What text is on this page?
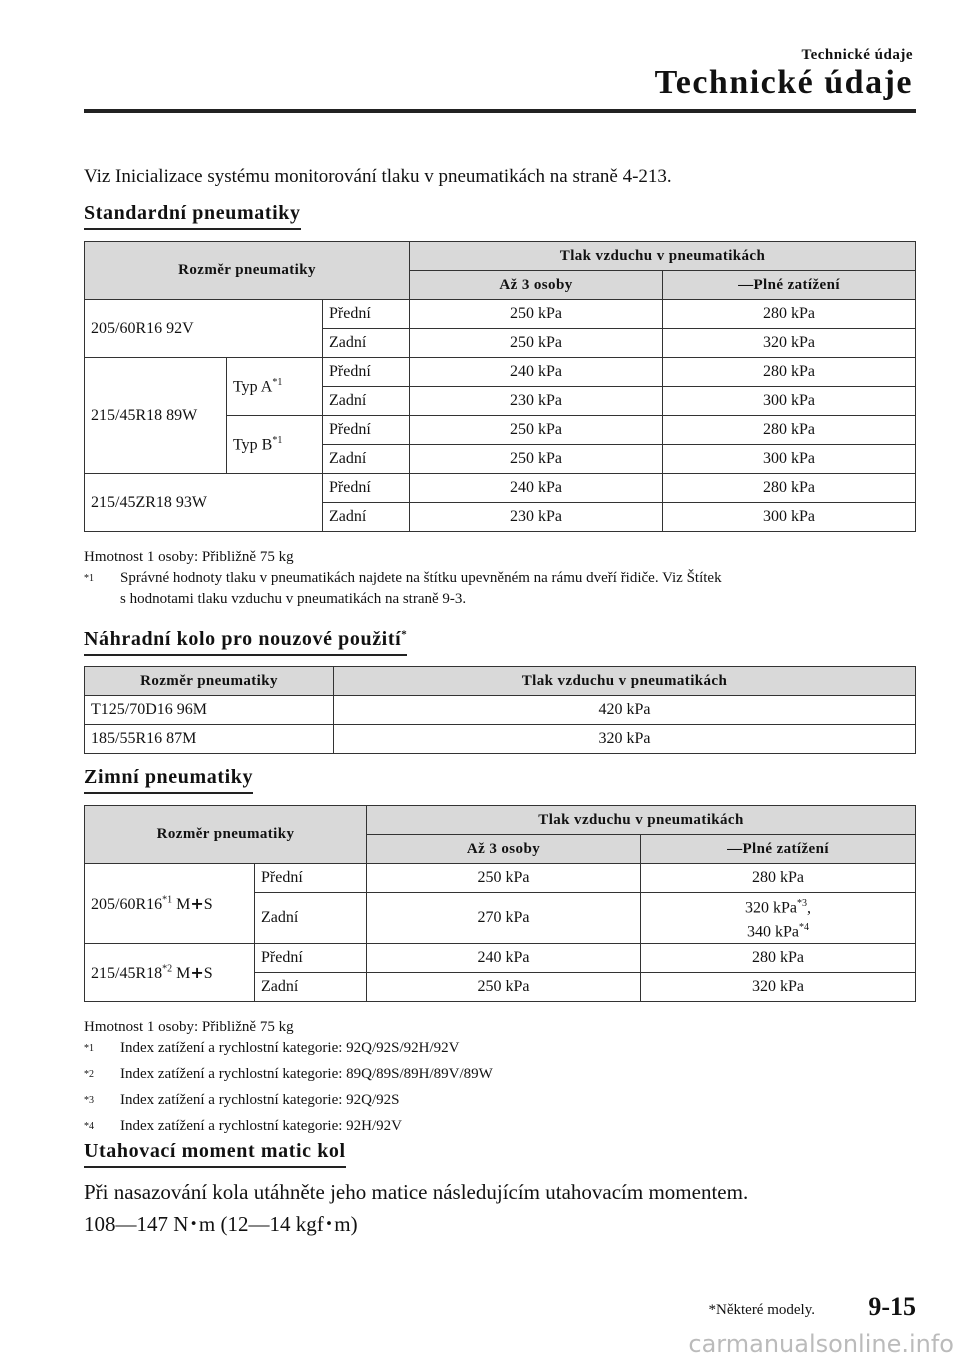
Technické údaje
Technické údaje
Viz Inicializace systému monitorování tlaku v pneumatikách na straně 4-213.
Standardní pneumatiky
Rozměr pneumatiky			Tlak vzduchu v pneumatikách	
			Až 3 osoby	―Plné zatížení
205/60R16 92V		Přední	250 kPa	280 kPa
		Zadní	250 kPa	320 kPa
215/45R18 89W	Typ $A^{*1}$	Přední	240 kPa	280 kPa
		Zadní	230 kPa	300 kPa
	Typ $B^{*1}$	Přední	250 kPa	280 kPa
		Zadní	250 kPa	300 kPa
215/45ZR18 93W		Přední	240 kPa	280 kPa
		Zadní	230 kPa	300 kPa
Hmotnost 1 osoby: Přibližně 75 kg
$^{*1}$	Správné hodnoty tlaku v pneumatikách najdete na štítku upevněném na rámu dveří řidiče. Viz Štítek
s hodnotami tlaku vzduchu v pneumatikách na straně 9-3.
Náhradní kolo pro nouzové použití*
Rozměr pneumatiky	Tlak vzduchu v pneumatikách
T125/70D16 96M	420 kPa
185/55R16 87M	320 kPa
Zimní pneumatiky
Rozměr pneumatiky		Tlak vzduchu v pneumatikách	
		Až 3 osoby	―Plné zatížení
205/60R16$^{*1}$ M+S	Přední	250 kPa	280 kPa
	Zadní	270 kPa	320 kPa$^{*3}$,
340 kPa$^{*4}$
215/45R18$^{*2}$ M+S	Přední	240 kPa	280 kPa
	Zadní	250 kPa	320 kPa
Hmotnost 1 osoby: Přibližně 75 kg
$^{*1}$	Index zatížení a rychlostní kategorie: 92Q/92S/92H/92V
$^{*2}$	Index zatížení a rychlostní kategorie: 89Q/89S/89H/89V/89W
$^{*3}$	Index zatížení a rychlostní kategorie: 92Q/92S
$^{*4}$	Index zatížení a rychlostní kategorie: 92H/92V
Utahovací moment matic kol
Při nasazování kola utáhněte jeho matice následujícím utahovacím momentem.
108―147 N･m (12―14 kgf･m)
*Některé modely. 9-15
carmanualsonline.info
